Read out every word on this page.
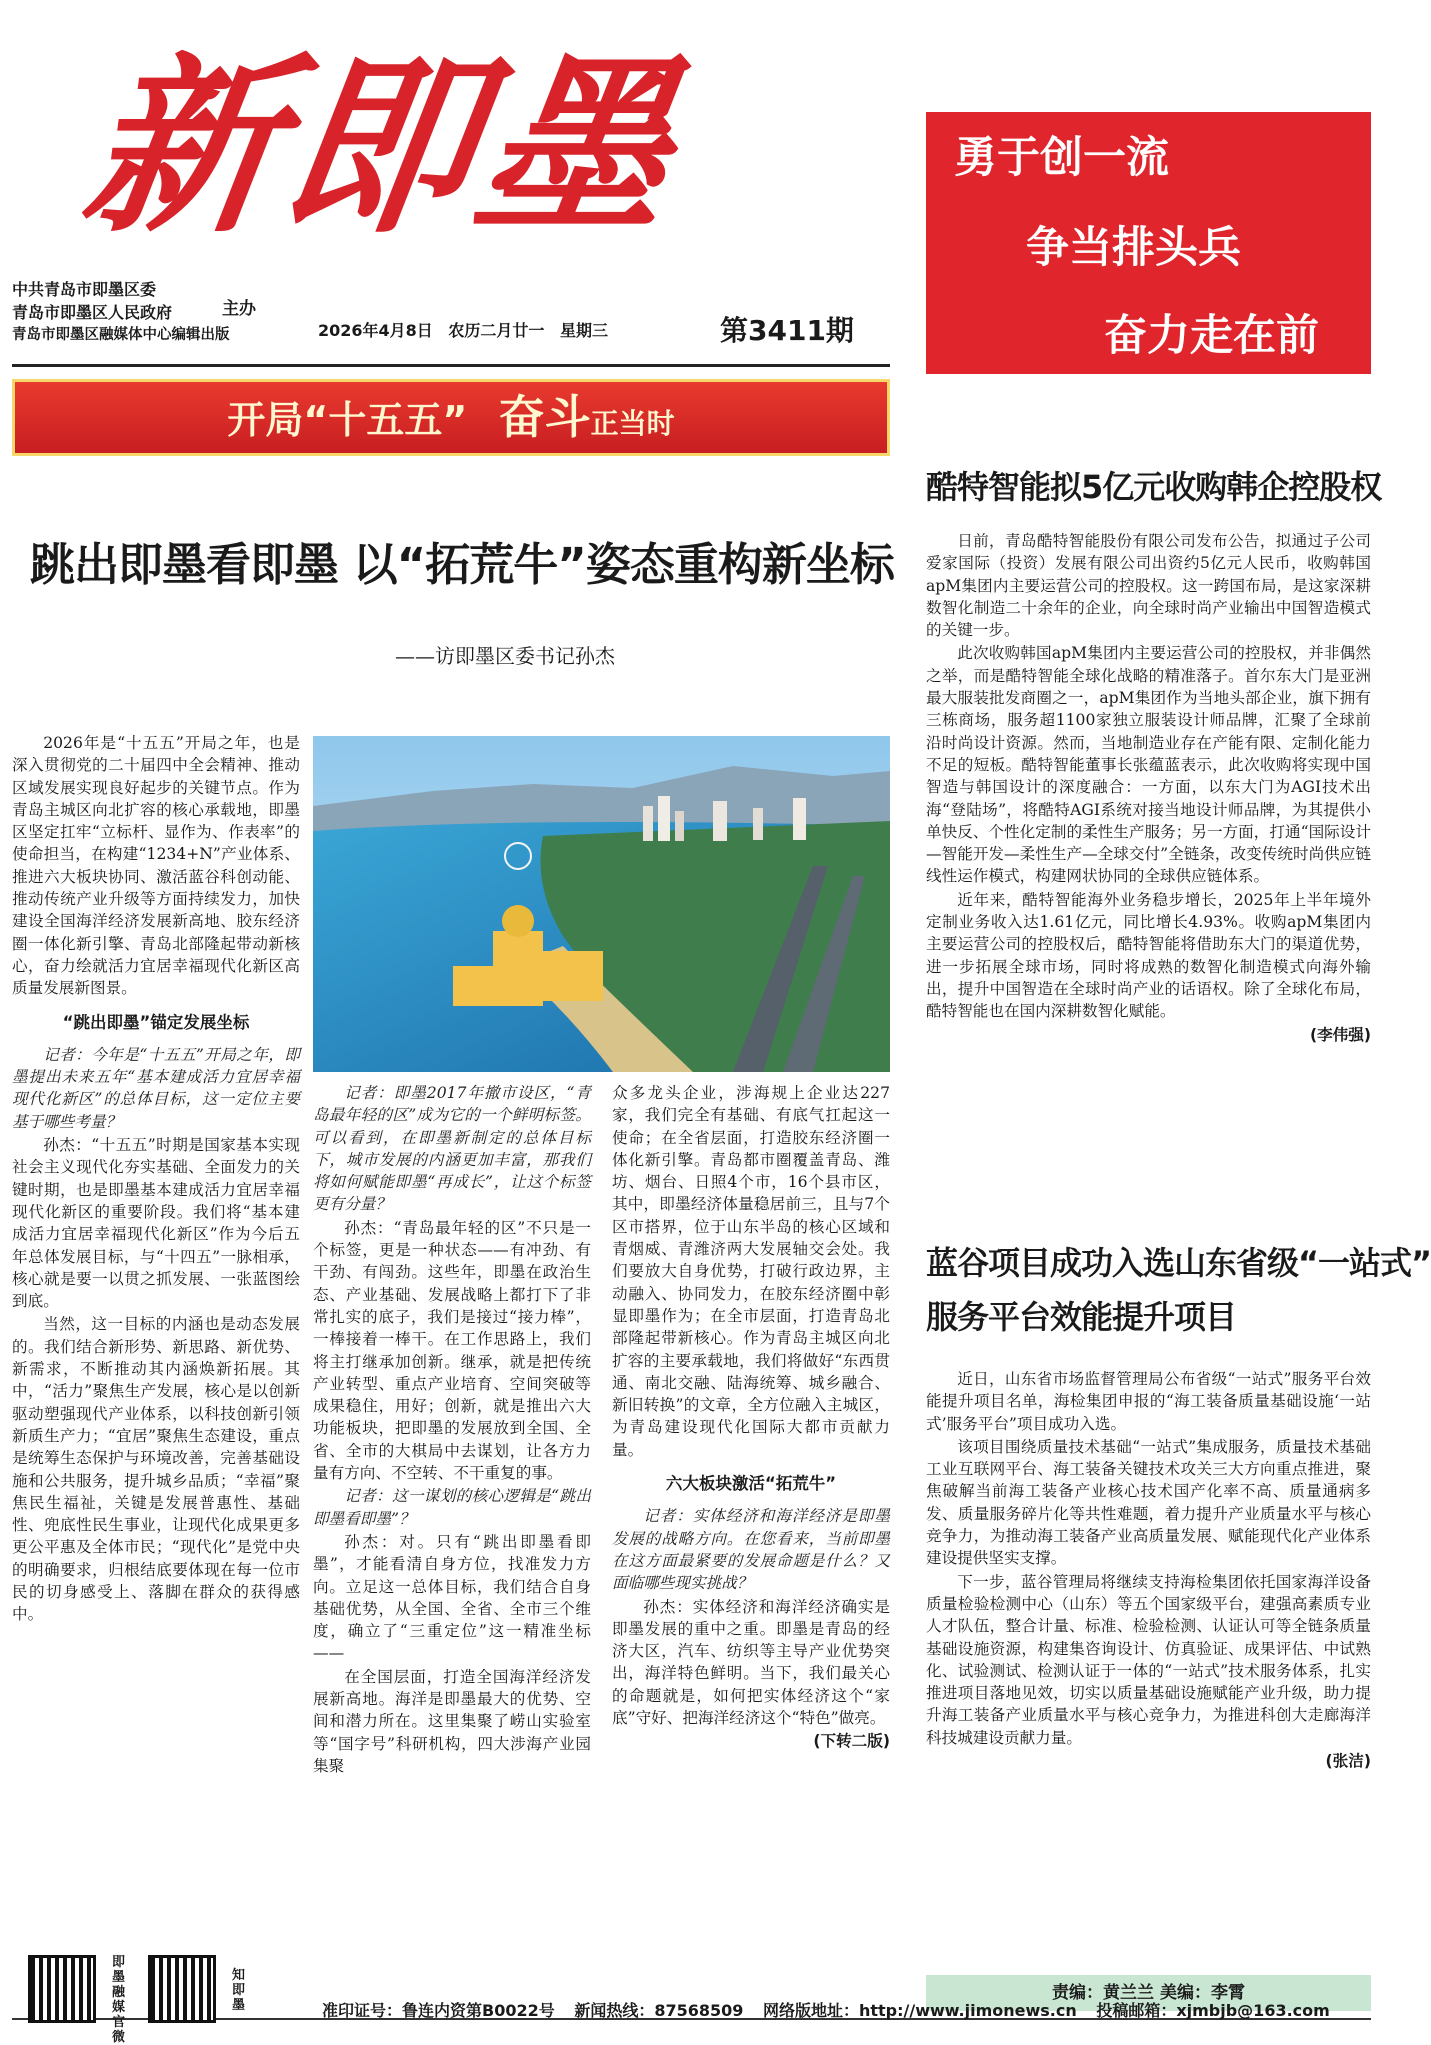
新即墨
中共青岛市即墨区委
青岛市即墨区人民政府
青岛市即墨区融媒体中心编辑出版
主办
2026年4月8日 农历二月廿一 星期三	第3411期
勇于创一流
争当排头兵
奋力走在前
开局“十五五” 奋斗正当时
跳出即墨看即墨 以“拓荒牛”姿态重构新坐标
——访即墨区委书记孙杰

2026年是“十五五”开局之年，也是深入贯彻党的二十届四中全会精神、推动区域发展实现良好起步的关键节点。作为青岛主城区向北扩容的核心承载地，即墨区坚定扛牢“立标杆、显作为、作表率”的使命担当，在构建“1234+N”产业体系、推进六大板块协同、激活蓝谷科创动能、推动传统产业升级等方面持续发力，加快建设全国海洋经济发展新高地、胶东经济圈一体化新引擎、青岛北部隆起带动新核心，奋力绘就活力宜居幸福现代化新区高质量发展新图景。

“跳出即墨”锚定发展坐标

记者：今年是“十五五”开局之年，即墨提出未来五年“基本建成活力宜居幸福现代化新区”的总体目标，这一定位主要基于哪些考量？

孙杰：“十五五”时期是国家基本实现社会主义现代化夯实基础、全面发力的关键时期，也是即墨基本建成活力宜居幸福现代化新区的重要阶段。我们将“基本建成活力宜居幸福现代化新区”作为今后五年总体发展目标，与“十四五”一脉相承，核心就是要一以贯之抓发展、一张蓝图绘到底。

当然，这一目标的内涵也是动态发展的。我们结合新形势、新思路、新优势、新需求，不断推动其内涵焕新拓展。其中，“活力”聚焦生产发展，核心是以创新驱动塑强现代产业体系，以科技创新引领新质生产力；“宜居”聚焦生态建设，重点是统筹生态保护与环境改善，完善基础设施和公共服务，提升城乡品质；“幸福”聚焦民生福祉，关键是发展普惠性、基础性、兜底性民生事业，让现代化成果更多更公平惠及全体市民；“现代化”是党中央的明确要求，归根结底要体现在每一位市民的切身感受上、落脚在群众的获得感中。

记者：即墨2017年撤市设区，“青岛最年轻的区”成为它的一个鲜明标签。可以看到，在即墨新制定的总体目标下，城市发展的内涵更加丰富，那我们将如何赋能即墨“再成长”，让这个标签更有分量？

孙杰：“青岛最年轻的区”不只是一个标签，更是一种状态——有冲劲、有干劲、有闯劲。这些年，即墨在政治生态、产业基础、发展战略上都打下了非常扎实的底子，我们是接过“接力棒”，一棒接着一棒干。在工作思路上，我们将主打继承加创新。继承，就是把传统产业转型、重点产业培育、空间突破等成果稳住，用好；创新，就是推出六大功能板块，把即墨的发展放到全国、全省、全市的大棋局中去谋划，让各方力量有方向、不空转、不干重复的事。

记者：这一谋划的核心逻辑是“跳出即墨看即墨”？

孙杰：对。只有“跳出即墨看即墨”，才能看清自身方位，找准发力方向。立足这一总体目标，我们结合自身基础优势，从全国、全省、全市三个维度，确立了“三重定位”这一精准坐标——

在全国层面，打造全国海洋经济发展新高地。海洋是即墨最大的优势、空间和潜力所在。这里集聚了崂山实验室等“国字号”科研机构，四大涉海产业园集聚

众多龙头企业，涉海规上企业达227家，我们完全有基础、有底气扛起这一使命；在全省层面，打造胶东经济圈一体化新引擎。青岛都市圈覆盖青岛、潍坊、烟台、日照4个市，16个县市区，其中，即墨经济体量稳居前三，且与7个区市搭界，位于山东半岛的核心区域和青烟威、青潍济两大发展轴交会处。我们要放大自身优势，打破行政边界，主动融入、协同发力，在胶东经济圈中彰显即墨作为；在全市层面，打造青岛北部隆起带新核心。作为青岛主城区向北扩容的主要承载地，我们将做好“东西贯通、南北交融、陆海统筹、城乡融合、新旧转换”的文章，全方位融入主城区，为青岛建设现代化国际大都市贡献力量。

六大板块激活“拓荒牛”

记者：实体经济和海洋经济是即墨发展的战略方向。在您看来，当前即墨在这方面最紧要的发展命题是什么？又面临哪些现实挑战？

孙杰：实体经济和海洋经济确实是即墨发展的重中之重。即墨是青岛的经济大区，汽车、纺织等主导产业优势突出，海洋特色鲜明。当下，我们最关心的命题就是，如何把实体经济这个“家底”守好、把海洋经济这个“特色”做亮。

(下转二版)

酷特智能拟5亿元收购韩企控股权

日前，青岛酷特智能股份有限公司发布公告，拟通过子公司爱家国际（投资）发展有限公司出资约5亿元人民币，收购韩国apM集团内主要运营公司的控股权。这一跨国布局，是这家深耕数智化制造二十余年的企业，向全球时尚产业输出中国智造模式的关键一步。

此次收购韩国apM集团内主要运营公司的控股权，并非偶然之举，而是酷特智能全球化战略的精准落子。首尔东大门是亚洲最大服装批发商圈之一，apM集团作为当地头部企业，旗下拥有三栋商场，服务超1100家独立服装设计师品牌，汇聚了全球前沿时尚设计资源。然而，当地制造业存在产能有限、定制化能力不足的短板。酷特智能董事长张蕴蓝表示，此次收购将实现中国智造与韩国设计的深度融合：一方面，以东大门为AGI技术出海“登陆场”，将酷特AGI系统对接当地设计师品牌，为其提供小单快反、个性化定制的柔性生产服务；另一方面，打通“国际设计—智能开发—柔性生产—全球交付”全链条，改变传统时尚供应链线性运作模式，构建网状协同的全球供应链体系。

近年来，酷特智能海外业务稳步增长，2025年上半年境外定制业务收入达1.61亿元，同比增长4.93%。收购apM集团内主要运营公司的控股权后，酷特智能将借助东大门的渠道优势，进一步拓展全球市场，同时将成熟的数智化制造模式向海外输出，提升中国智造在全球时尚产业的话语权。除了全球化布局，酷特智能也在国内深耕数智化赋能。

(李伟强)

蓝谷项目成功入选山东省级“一站式”
服务平台效能提升项目

近日，山东省市场监督管理局公布省级“一站式”服务平台效能提升项目名单，海检集团申报的“海工装备质量基础设施‘一站式’服务平台”项目成功入选。

该项目围绕质量技术基础“一站式”集成服务，质量技术基础工业互联网平台、海工装备关键技术攻关三大方向重点推进，聚焦破解当前海工装备产业核心技术国产化率不高、质量通病多发、质量服务碎片化等共性难题，着力提升产业质量水平与核心竞争力，为推动海工装备产业高质量发展、赋能现代化产业体系建设提供坚实支撑。

下一步，蓝谷管理局将继续支持海检集团依托国家海洋设备质量检验检测中心（山东）等五个国家级平台，建强高素质专业人才队伍，整合计量、标准、检验检测、认证认可等全链条质量基础设施资源，构建集咨询设计、仿真验证、成果评估、中试熟化、试验测试、检测认证于一体的“一站式”技术服务体系，扎实推进项目落地见效，切实以质量基础设施赋能产业升级，助力提升海工装备产业质量水平与核心竞争力，为推进科创大走廊海洋科技城建设贡献力量。

(张洁)

责编：黄兰兰 美编：李霄
即墨融媒官微
知即墨	准印证号：鲁连内资第B0022号 新闻热线：87568509 网络版地址：http://www.jimonews.cn 投稿邮箱：xjmbjb@163.com
